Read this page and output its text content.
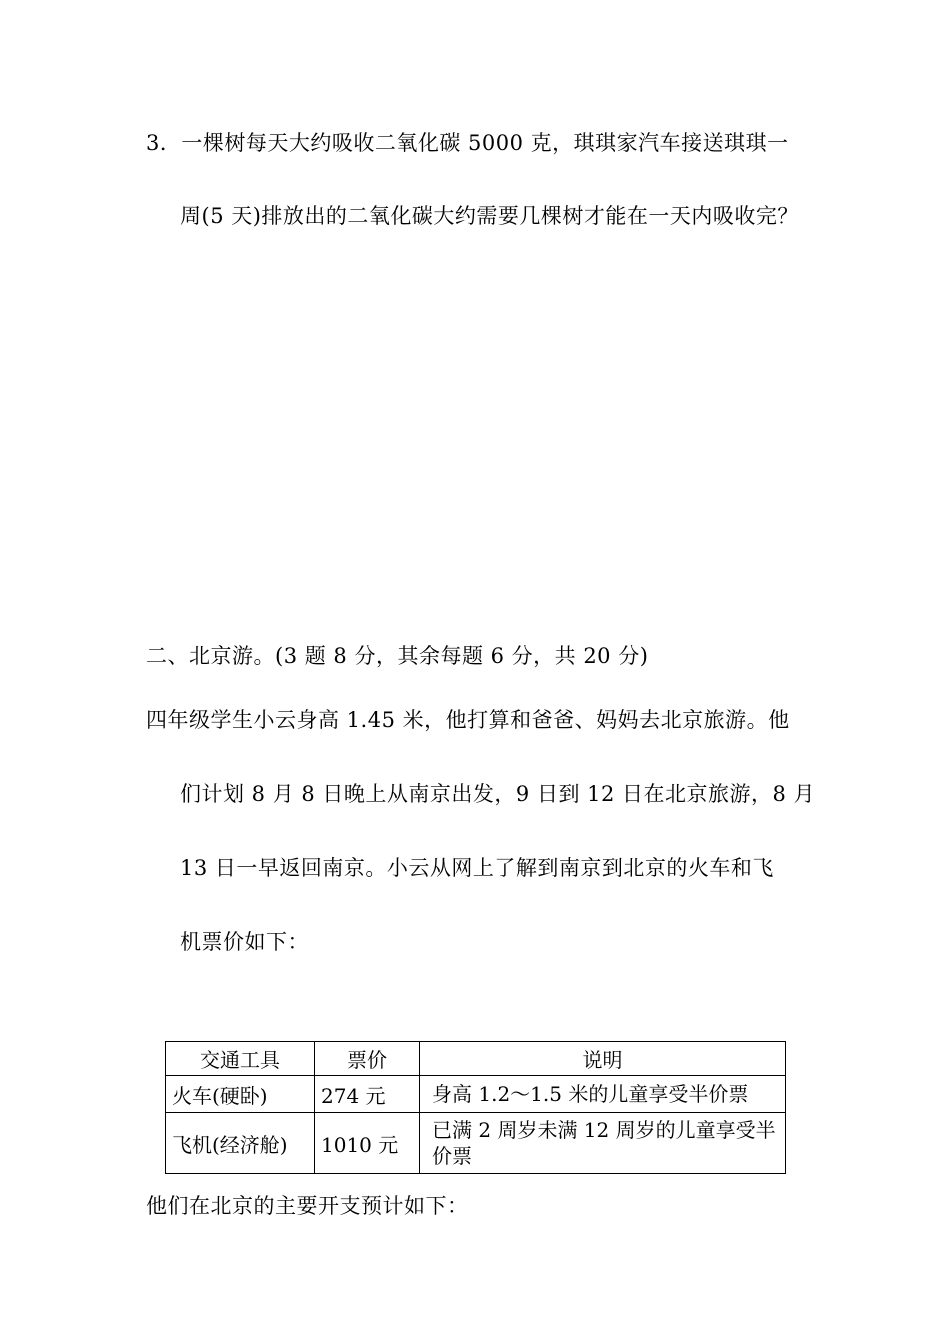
3．一棵树每天大约吸收二氧化碳 5000 克，琪琪家汽车接送琪琪一
周(5 天)排放出的二氧化碳大约需要几棵树才能在一天内吸收完？
二、北京游。(3 题 8 分，其余每题 6 分，共 20 分)
四年级学生小云身高 1.45 米，他打算和爸爸、妈妈去北京旅游。他
们计划 8 月 8 日晚上从南京出发，9 日到 12 日在北京旅游，8 月
13 日一早返回南京。小云从网上了解到南京到北京的火车和飞
机票价如下：
交通工具	票价	说明
火车(硬卧)	274 元	身高 1.2～1.5 米的儿童享受半价票

飞机(经济舱)	1010 元	已满 2 周岁未满 12 周岁的儿童享受半价票
他们在北京的主要开支预计如下：
